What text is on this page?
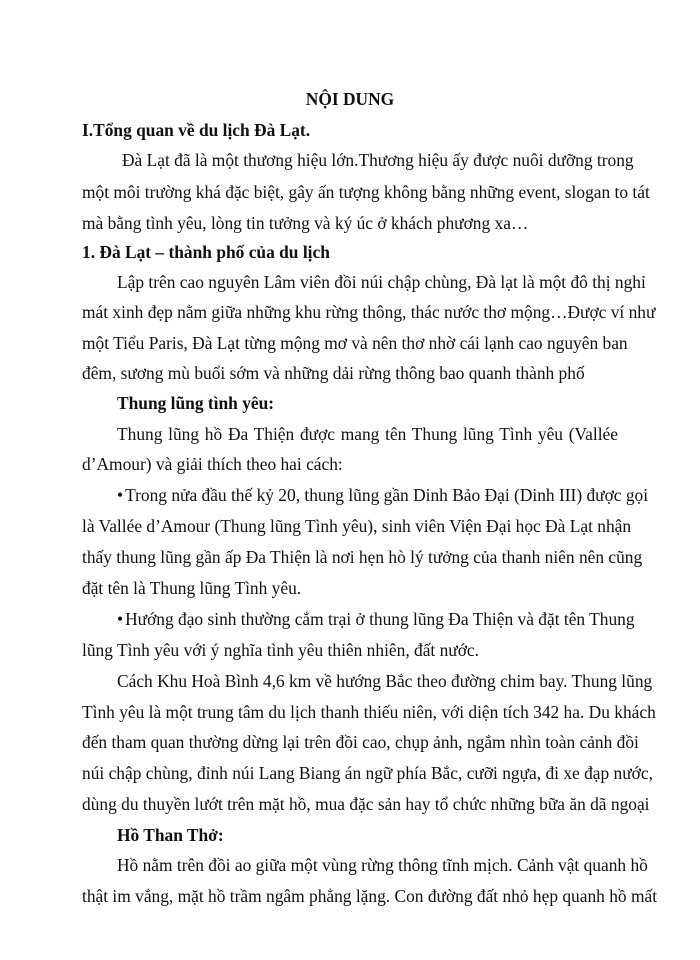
NỘI DUNG
I.Tổng quan về du lịch Đà Lạt.
Đà Lạt đã là một thương hiệu lớn.Thương hiệu ấy được nuôi dưỡng trong
một môi trường khá đặc biệt, gây ấn tượng không bằng những event, slogan to tát
mà bằng tình yêu, lòng tin tưởng và ký úc ở khách phương xa…
1. Đà Lạt – thành phố của du lịch
Lập trên cao nguyên Lâm viên đồi núi chập chùng, Đà lạt là một đô thị nghỉ
mát xinh đẹp nằm giữa những khu rừng thông, thác nước thơ mộng…Được ví như
một Tiểu Paris, Đà Lạt từng mộng mơ và nên thơ nhờ cái lạnh cao nguyên ban
đêm, sương mù buổi sớm và những dải rừng thông bao quanh thành phố
Thung lũng tình yêu:
Thung lũng hồ Đa Thiện được mang tên Thung lũng Tình yêu (Vallée
d’Amour) và giải thích theo hai cách:
• Trong nửa đầu thế kỷ 20, thung lũng gần Dinh Bảo Đại (Dinh III) được gọi
là Vallée d’Amour (Thung lũng Tình yêu), sinh viên Viện Đại học Đà Lạt nhận
thấy thung lũng gần ấp Đa Thiện là nơi hẹn hò lý tưởng của thanh niên nên cũng
đặt tên là Thung lũng Tình yêu.
• Hướng đạo sinh thường cắm trại ở thung lũng Đa Thiện và đặt tên Thung
lũng Tình yêu với ý nghĩa tình yêu thiên nhiên, đất nước.
Cách Khu Hoà Bình 4,6 km về hướng Bắc theo đường chim bay. Thung lũng
Tình yêu là một trung tâm du lịch thanh thiếu niên, với diện tích 342 ha. Du khách
đến tham quan thường dừng lại trên đồi cao, chụp ảnh, ngắm nhìn toàn cảnh đồi
núi chập chùng, đỉnh núi Lang Biang án ngữ phía Bắc, cưỡi ngựa, đi xe đạp nước,
dùng du thuyền lướt trên mặt hồ, mua đặc sản hay tổ chức những bữa ăn dã ngoại
Hồ Than Thở:
Hồ nằm trên đồi ao giữa một vùng rừng thông tĩnh mịch. Cảnh vật quanh hồ
thật im vắng, mặt hồ trầm ngâm phẳng lặng. Con đường đất nhỏ hẹp quanh hồ mất
